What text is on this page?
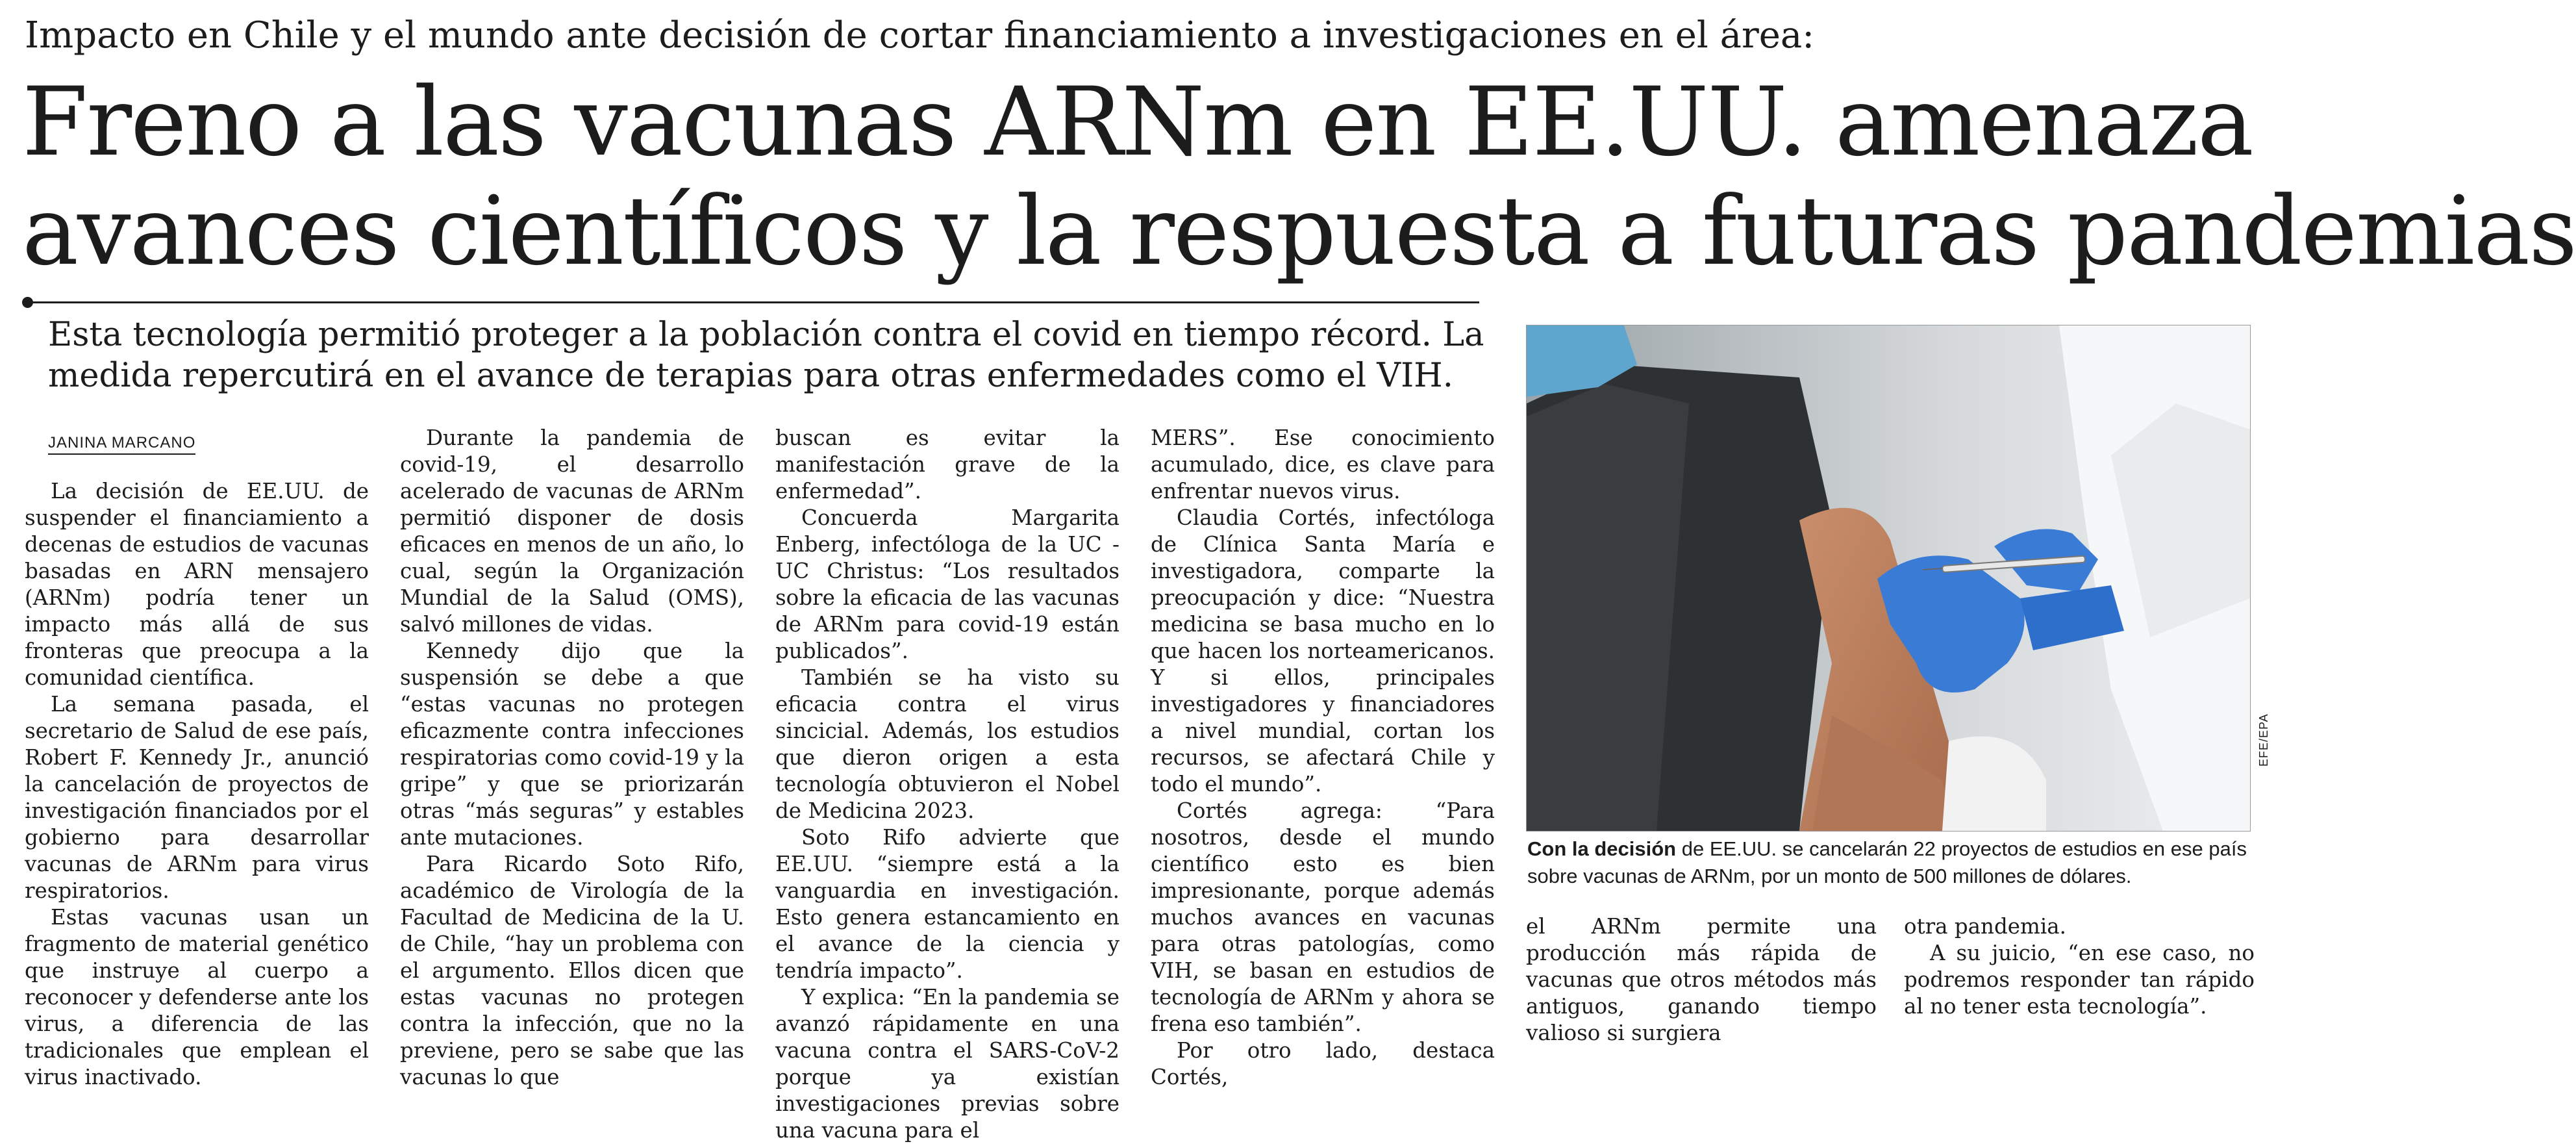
Impacto en Chile y el mundo ante decisión de cortar financiamiento a investigaciones en el área:
Freno a las vacunas ARNm en EE.UU. amenaza
avances científicos y la respuesta a futuras pandemias
Esta tecnología permitió proteger a la población contra el covid en tiempo récord. La medida repercutirá en el avance de terapias para otras enfermedades como el VIH.
JANINA MARCANO

La decisión de EE.UU. de suspender el financiamiento a decenas de estudios de vacunas basadas en ARN mensajero (ARNm) podría tener un impacto más allá de sus fronteras que preocupa a la comunidad científica.

La semana pasada, el secretario de Salud de ese país, Robert F. Kennedy Jr., anunció la cancelación de proyectos de investigación financiados por el gobierno para desarrollar vacunas de ARNm para virus respiratorios.

Estas vacunas usan un fragmento de material genético que instruye al cuerpo a reconocer y defenderse ante los virus, a diferencia de las tradicionales que emplean el virus inactivado.

Durante la pandemia de covid-19, el desarrollo acelerado de vacunas de ARNm permitió disponer de dosis eficaces en menos de un año, lo cual, según la Organización Mundial de la Salud (OMS), salvó millones de vidas.

Kennedy dijo que la suspensión se debe a que “estas vacunas no protegen eficazmente contra infecciones respiratorias como covid-19 y la gripe” y que se priorizarán otras “más seguras” y estables ante mutaciones.

Para Ricardo Soto Rifo, académico de Virología de la Facultad de Medicina de la U. de Chile, “hay un problema con el argumento. Ellos dicen que estas vacunas no protegen contra la infección, que no la previene, pero se sabe que las vacunas lo que

buscan es evitar la manifestación grave de la enfermedad”.

Concuerda Margarita Enberg, infectóloga de la UC - UC Christus: “Los resultados sobre la eficacia de las vacunas de ARNm para covid-19 están publicados”.

También se ha visto su eficacia contra el virus sincicial. Además, los estudios que dieron origen a esta tecnología obtuvieron el Nobel de Medicina 2023.

Soto Rifo advierte que EE.UU. “siempre está a la vanguardia en investigación. Esto genera estancamiento en el avance de la ciencia y tendría impacto”.

Y explica: “En la pandemia se avanzó rápidamente en una vacuna contra el SARS-CoV-2 porque ya existían investigaciones previas sobre una vacuna para el

MERS”. Ese conocimiento acumulado, dice, es clave para enfrentar nuevos virus.

Claudia Cortés, infectóloga de Clínica Santa María e investigadora, comparte la preocupación y dice: “Nuestra medicina se basa mucho en lo que hacen los norteamericanos. Y si ellos, principales investigadores y financiadores a nivel mundial, cortan los recursos, se afectará Chile y todo el mundo”.

Cortés agrega: “Para nosotros, desde el mundo científico esto es bien impresionante, porque además muchos avances en vacunas para otras patologías, como VIH, se basan en estudios de tecnología de ARNm y ahora se frena eso también”.

Por otro lado, destaca Cortés,

EFE/EPA
Con la decisión de EE.UU. se cancelarán 22 proyectos de estudios en ese país sobre vacunas de ARNm, por un monto de 500 millones de dólares.

el ARNm permite una producción más rápida de vacunas que otros métodos más antiguos, ganando tiempo valioso si surgiera

otra pandemia.

A su juicio, “en ese caso, no podremos responder tan rápido al no tener esta tecnología”.
